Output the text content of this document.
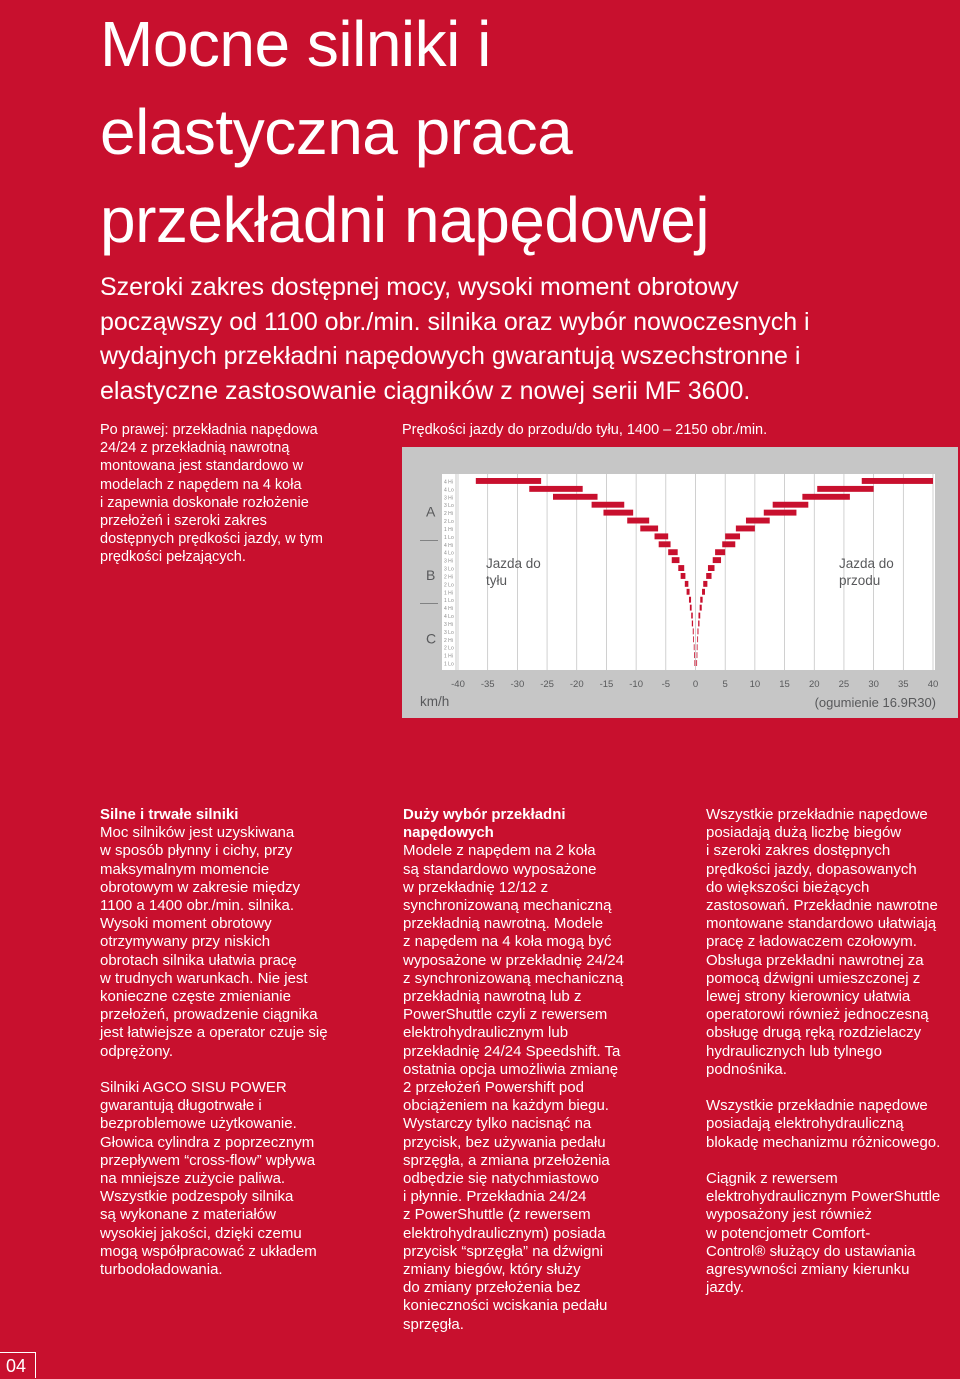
Mocne silniki i
elastyczna praca
przekładni napędowej

Szeroki zakres dostępnej mocy, wysoki moment obrotowy
począwszy od 1100 obr./min. silnika oraz wybór nowoczesnych i
wydajnych przekładni napędowych gwarantują wszechstronne i
elastyczne zastosowanie ciągników z nowej serii MF 3600.

Po prawej: przekładnia napędowa
24/24 z przekładnią nawrotną
montowana jest standardowo w
modelach z napędem na 4 koła
i zapewnia doskonałe rozłożenie
przełożeń i szeroki zakres
dostępnych prędkości jazdy, w tym
prędkości pełzających.

Prędkości jazdy do przodu/do tyłu, 1400 – 2150 obr./min.
A
B
C
4 Hi
4 Lo
3 Hi
3 Lo
2 Hi
2 Lo
1 Hi
1 Lo
4 Hi
4 Lo
3 Hi
3 Lo
2 Hi
2 Lo
1 Hi
1 Lo
4 Hi
4 Lo
3 Hi
3 Lo
2 Hi
2 Lo
1 Hi
1 Lo
Jazda do
tyłu
Jazda do
przodu
-40 -35 -30 -25 -20 -15 -10 -5 0	5 10 15 20 25 30 35 40
km/h	(ogumienie 16.9R30)

Silne i trwałe silniki
Moc silników jest uzyskiwana
w sposób płynny i cichy, przy
maksymalnym momencie
obrotowym w zakresie między
1100 a 1400 obr./min. silnika.
Wysoki moment obrotowy
otrzymywany przy niskich
obrotach silnika ułatwia pracę
w trudnych warunkach. Nie jest
konieczne częste zmienianie
przełożeń, prowadzenie ciągnika
jest łatwiejsze a operator czuje się
odprężony.

Silniki AGCO SISU POWER
gwarantują długotrwałe i
bezproblemowe użytkowanie.
Głowica cylindra z poprzecznym
przepływem “cross-flow” wpływa
na mniejsze zużycie paliwa.
Wszystkie podzespoły silnika
są wykonane z materiałów
wysokiej jakości, dzięki czemu
mogą współpracować z układem
turbodoładowania.

Duży wybór przekładni
napędowych
Modele z napędem na 2 koła
są standardowo wyposażone
w przekładnię 12/12 z
synchronizowaną mechaniczną
przekładnią nawrotną. Modele
z napędem na 4 koła mogą być
wyposażone w przekładnię 24/24
z synchronizowaną mechaniczną
przekładnią nawrotną lub z
PowerShuttle czyli z rewersem
elektrohydraulicznym lub
przekładnię 24/24 Speedshift. Ta
ostatnia opcja umożliwia zmianę
2 przełożeń Powershift pod
obciążeniem na każdym biegu.
Wystarczy tylko nacisnąć na
przycisk, bez używania pedału
sprzęgła, a zmiana przełożenia
odbędzie się natychmiastowo
i płynnie. Przekładnia 24/24
z PowerShuttle (z rewersem
elektrohydraulicznym) posiada
przycisk “sprzęgła” na dźwigni
zmiany biegów, który służy
do zmiany przełożenia bez
konieczności wciskania pedału
sprzęgła.

Wszystkie przekładnie napędowe
posiadają dużą liczbę biegów
i szeroki zakres dostępnych
prędkości jazdy, dopasowanych
do większości bieżących
zastosowań. Przekładnie nawrotne
montowane standardowo ułatwiają
pracę z ładowaczem czołowym.
Obsługa przekładni nawrotnej za
pomocą dźwigni umieszczonej z
lewej strony kierownicy ułatwia
operatorowi również jednoczesną
obsługę drugą ręką rozdzielaczy
hydraulicznych lub tylnego
podnośnika.

Wszystkie przekładnie napędowe
posiadają elektrohydrauliczną
blokadę mechanizmu różnicowego.

Ciągnik z rewersem
elektrohydraulicznym PowerShuttle
wyposażony jest również
w potencjometr Comfort-
Control® służący do ustawiania
agresywności zmiany kierunku
jazdy.

04
